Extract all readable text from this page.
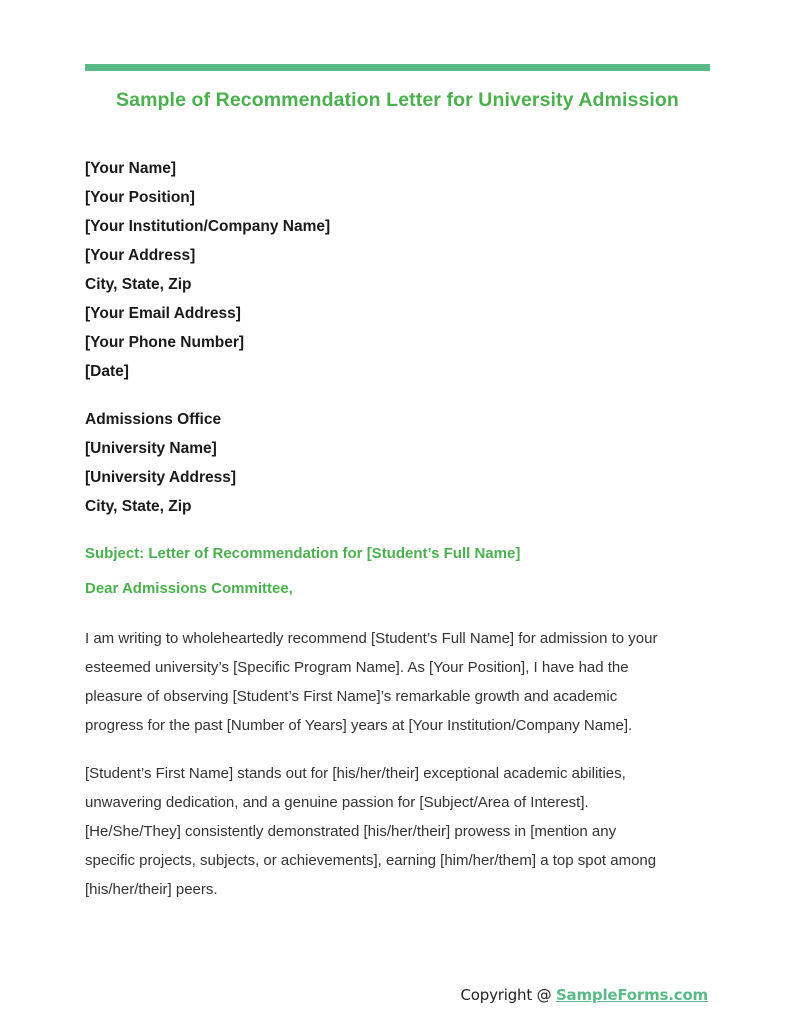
Sample of Recommendation Letter for University Admission
[Your Name]
[Your Position]
[Your Institution/Company Name]
[Your Address]
City, State, Zip
[Your Email Address]
[Your Phone Number]
[Date]
Admissions Office
[University Name]
[University Address]
City, State, Zip
Subject: Letter of Recommendation for [Student’s Full Name]
Dear Admissions Committee,
I am writing to wholeheartedly recommend [Student’s Full Name] for admission to your
esteemed university’s [Specific Program Name]. As [Your Position], I have had the
pleasure of observing [Student’s First Name]’s remarkable growth and academic
progress for the past [Number of Years] years at [Your Institution/Company Name].
[Student’s First Name] stands out for [his/her/their] exceptional academic abilities,
unwavering dedication, and a genuine passion for [Subject/Area of Interest].
[He/She/They] consistently demonstrated [his/her/their] prowess in [mention any
specific projects, subjects, or achievements], earning [him/her/them] a top spot among
[his/her/their] peers.
Copyright @ SampleForms.com
